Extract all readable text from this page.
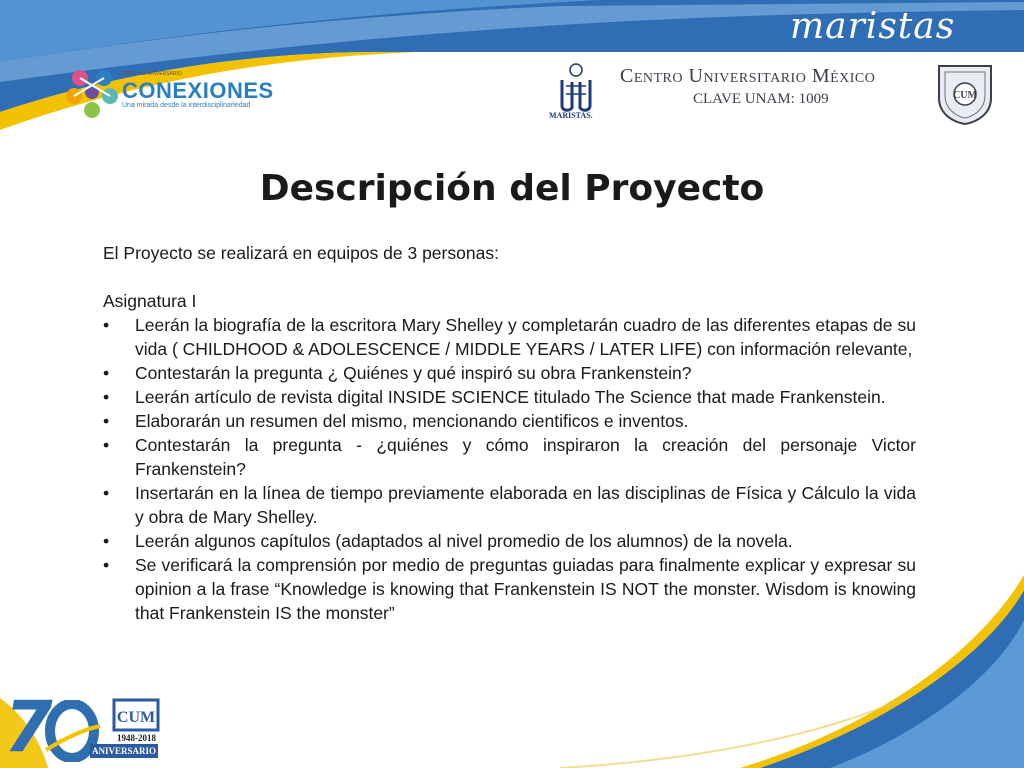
maristas
DGRE • 20 ANIVERSARIO
CONEXIONES
Una mirada desde la interdisciplinariedad
MARISTAS.
Centro Universitario México
CLAVE UNAM: 1009	CUM
Descripción del Proyecto

El Proyecto se realizará en equipos de 3 personas:

Asignatura I

• Leerán la biografía de la escritora Mary Shelley y completarán cuadro de las diferentes etapas de su vida ( CHILDHOOD & ADOLESCENCE / MIDDLE YEARS / LATER LIFE) con información relevante,
• Contestarán la pregunta ¿ Quiénes y qué inspiró su obra Frankenstein?
• Leerán artículo de revista digital INSIDE SCIENCE titulado The Science that made Frankenstein.
• Elaborarán un resumen del mismo, mencionando cientificos e inventos.
• Contestarán la pregunta - ¿quiénes y cómo inspiraron la creación del personaje Victor Frankenstein?
• Insertarán en la línea de tiempo previamente elaborada en las disciplinas de Física y Cálculo la vida y obra de Mary Shelley.
• Leerán algunos capítulos (adaptados al nivel promedio de los alumnos) de la novela.
• Se verificará la comprensión por medio de preguntas guiadas para finalmente explicar y expresar su opinion a la frase “Knowledge is knowing that Frankenstein IS NOT the monster. Wisdom is knowing that Frankenstein IS the monster”
7	CUM
1948-2018
ANIVERSARIO
